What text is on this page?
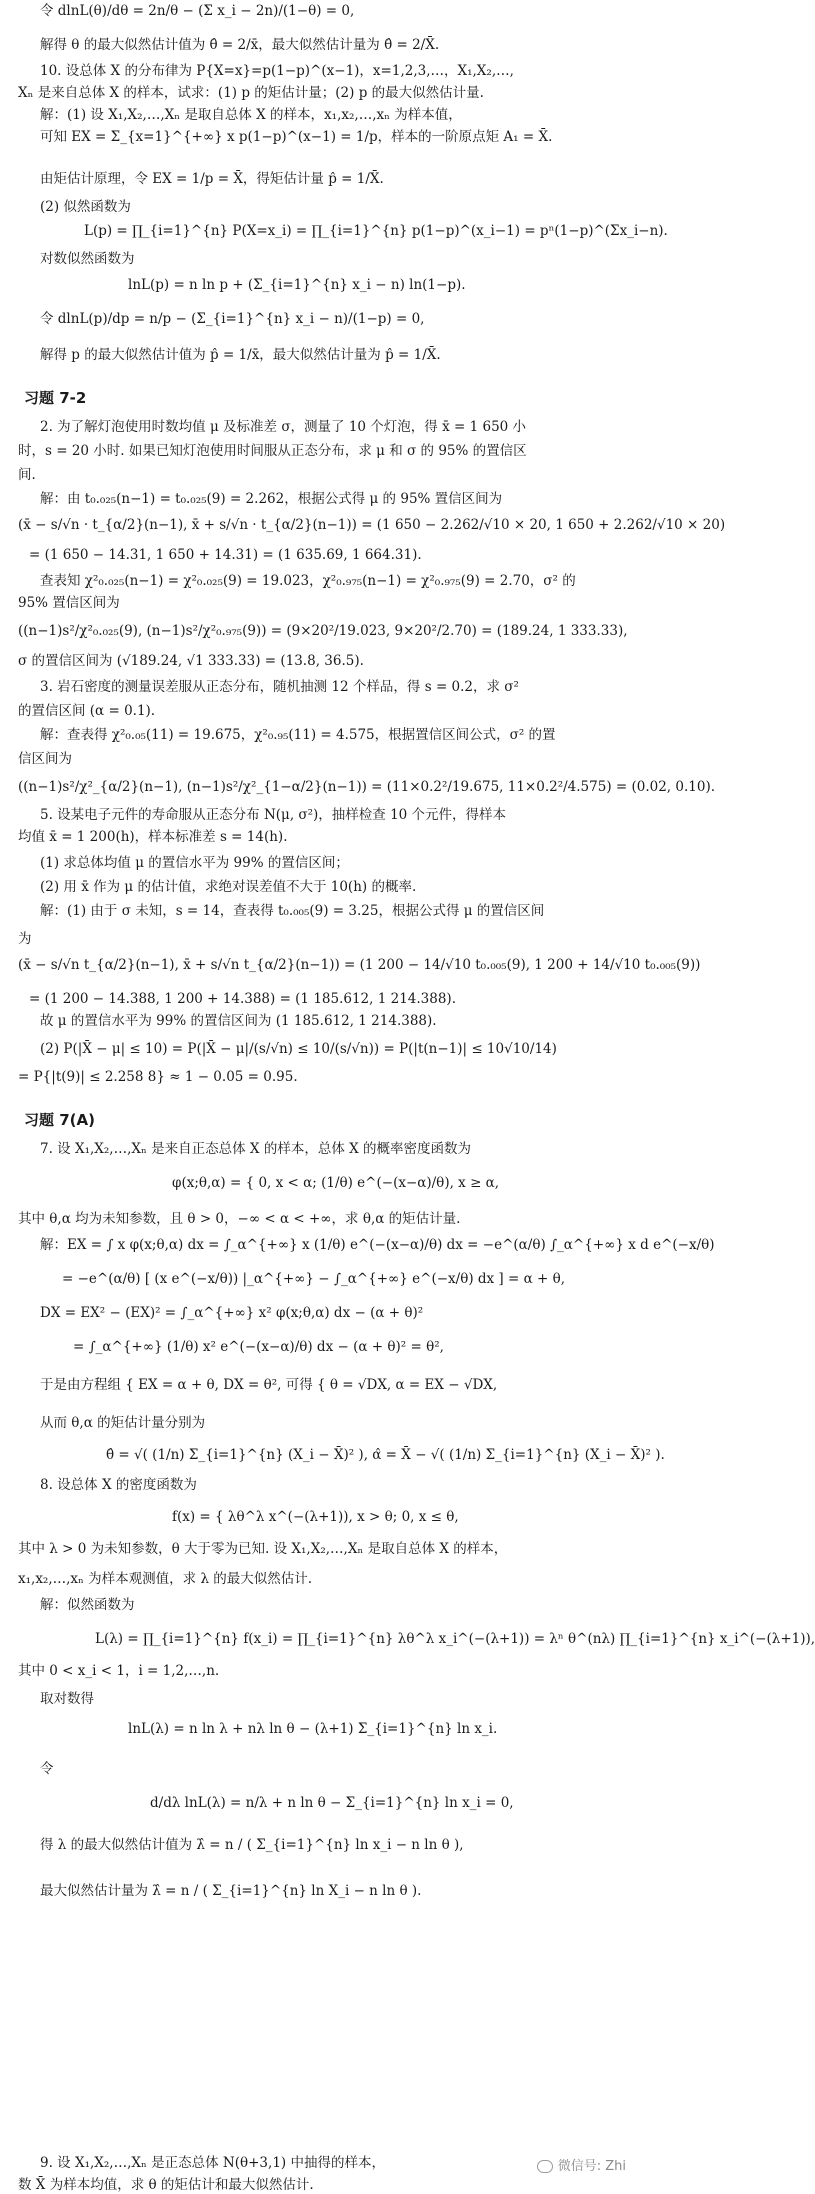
令 dlnL(θ)/dθ = 2n/θ − (Σ x_i − 2n)/(1−θ) = 0,
解得 θ 的最大似然估计值为 θ̂ = 2/x̄，最大似然估计量为 θ̂ = 2/X̄.
10. 设总体 X 的分布律为 P{X=x}=p(1−p)^(x−1)，x=1,2,3,…，X₁,X₂,…,
Xₙ 是来自总体 X 的样本，试求：(1) p 的矩估计量；(2) p 的最大似然估计量.
解：(1) 设 X₁,X₂,…,Xₙ 是取自总体 X 的样本，x₁,x₂,…,xₙ 为样本值，
可知 EX = Σ_{x=1}^{+∞} x p(1−p)^(x−1) = 1/p，样本的一阶原点矩 A₁ = X̄.
由矩估计原理，令 EX = 1/p = X̄，得矩估计量 p̂ = 1/X̄.
(2) 似然函数为
L(p) = ∏_{i=1}^{n} P(X=x_i) = ∏_{i=1}^{n} p(1−p)^(x_i−1) = pⁿ(1−p)^(Σx_i−n).
对数似然函数为
lnL(p) = n ln p + (Σ_{i=1}^{n} x_i − n) ln(1−p).
令 dlnL(p)/dp = n/p − (Σ_{i=1}^{n} x_i − n)/(1−p) = 0,
解得 p 的最大似然估计值为 p̂ = 1/x̄，最大似然估计量为 p̂ = 1/X̄.
习题 7-2
2. 为了解灯泡使用时数均值 μ 及标准差 σ，测量了 10 个灯泡，得 x̄ = 1 650 小
时，s = 20 小时. 如果已知灯泡使用时间服从正态分布，求 μ 和 σ 的 95% 的置信区
间.
解：由 t₀.₀₂₅(n−1) = t₀.₀₂₅(9) = 2.262，根据公式得 μ 的 95% 置信区间为
(x̄ − s/√n · t_{α/2}(n−1), x̄ + s/√n · t_{α/2}(n−1)) = (1 650 − 2.262/√10 × 20, 1 650 + 2.262/√10 × 20)
= (1 650 − 14.31, 1 650 + 14.31) = (1 635.69, 1 664.31).
查表知 χ²₀.₀₂₅(n−1) = χ²₀.₀₂₅(9) = 19.023，χ²₀.₉₇₅(n−1) = χ²₀.₉₇₅(9) = 2.70，σ² 的
95% 置信区间为
((n−1)s²/χ²₀.₀₂₅(9), (n−1)s²/χ²₀.₉₇₅(9)) = (9×20²/19.023, 9×20²/2.70) = (189.24, 1 333.33),
σ 的置信区间为 (√189.24, √1 333.33) = (13.8, 36.5).
3. 岩石密度的测量误差服从正态分布，随机抽测 12 个样品，得 s = 0.2，求 σ²
的置信区间 (α = 0.1).
解：查表得 χ²₀.₀₅(11) = 19.675，χ²₀.₉₅(11) = 4.575，根据置信区间公式，σ² 的置
信区间为
((n−1)s²/χ²_{α/2}(n−1), (n−1)s²/χ²_{1−α/2}(n−1)) = (11×0.2²/19.675, 11×0.2²/4.575) = (0.02, 0.10).
5. 设某电子元件的寿命服从正态分布 N(μ, σ²)，抽样检查 10 个元件，得样本
均值 x̄ = 1 200(h)，样本标准差 s = 14(h).
(1) 求总体均值 μ 的置信水平为 99% 的置信区间；
(2) 用 x̄ 作为 μ 的估计值，求绝对误差值不大于 10(h) 的概率.
解：(1) 由于 σ 未知，s = 14，查表得 t₀.₀₀₅(9) = 3.25，根据公式得 μ 的置信区间
为
(x̄ − s/√n t_{α/2}(n−1), x̄ + s/√n t_{α/2}(n−1)) = (1 200 − 14/√10 t₀.₀₀₅(9), 1 200 + 14/√10 t₀.₀₀₅(9))
= (1 200 − 14.388, 1 200 + 14.388) = (1 185.612, 1 214.388).
故 μ 的置信水平为 99% 的置信区间为 (1 185.612, 1 214.388).
(2) P(|X̄ − μ| ≤ 10) = P(|X̄ − μ|/(s/√n) ≤ 10/(s/√n)) = P(|t(n−1)| ≤ 10√10/14)
= P{|t(9)| ≤ 2.258 8} ≈ 1 − 0.05 = 0.95.
习题 7(A)
7. 设 X₁,X₂,…,Xₙ 是来自正态总体 X 的样本，总体 X 的概率密度函数为
φ(x;θ,α) = { 0, x < α; (1/θ) e^(−(x−α)/θ), x ≥ α,
其中 θ,α 均为未知参数，且 θ > 0，−∞ < α < +∞，求 θ,α 的矩估计量.
解：EX = ∫ x φ(x;θ,α) dx = ∫_α^{+∞} x (1/θ) e^(−(x−α)/θ) dx = −e^(α/θ) ∫_α^{+∞} x d e^(−x/θ)
= −e^(α/θ) [ (x e^(−x/θ)) |_α^{+∞} − ∫_α^{+∞} e^(−x/θ) dx ] = α + θ,
DX = EX² − (EX)² = ∫_α^{+∞} x² φ(x;θ,α) dx − (α + θ)²
= ∫_α^{+∞} (1/θ) x² e^(−(x−α)/θ) dx − (α + θ)² = θ²,
于是由方程组 { EX = α + θ, DX = θ², 可得 { θ = √DX, α = EX − √DX,
从而 θ,α 的矩估计量分别为
θ̂ = √( (1/n) Σ_{i=1}^{n} (X_i − X̄)² ), α̂ = X̄ − √( (1/n) Σ_{i=1}^{n} (X_i − X̄)² ).
8. 设总体 X 的密度函数为
f(x) = { λθ^λ x^(−(λ+1)), x > θ; 0, x ≤ θ,
其中 λ > 0 为未知参数，θ 大于零为已知. 设 X₁,X₂,…,Xₙ 是取自总体 X 的样本，
x₁,x₂,…,xₙ 为样本观测值，求 λ 的最大似然估计.
解：似然函数为
L(λ) = ∏_{i=1}^{n} f(x_i) = ∏_{i=1}^{n} λθ^λ x_i^(−(λ+1)) = λⁿ θ^(nλ) ∏_{i=1}^{n} x_i^(−(λ+1)),
其中 0 < x_i < 1，i = 1,2,…,n.
取对数得
lnL(λ) = n ln λ + nλ ln θ − (λ+1) Σ_{i=1}^{n} ln x_i.
令
d/dλ lnL(λ) = n/λ + n ln θ − Σ_{i=1}^{n} ln x_i = 0,
得 λ 的最大似然估计值为 λ̂ = n / ( Σ_{i=1}^{n} ln x_i − n ln θ ),
最大似然估计量为 λ̂ = n / ( Σ_{i=1}^{n} ln X_i − n ln θ ).
9. 设 X₁,X₂,…,Xₙ 是正态总体 N(θ+3,1) 中抽得的样本，
数 X̄ 为样本均值，求 θ 的矩估计和最大似然估计.
微信号: Zhi
